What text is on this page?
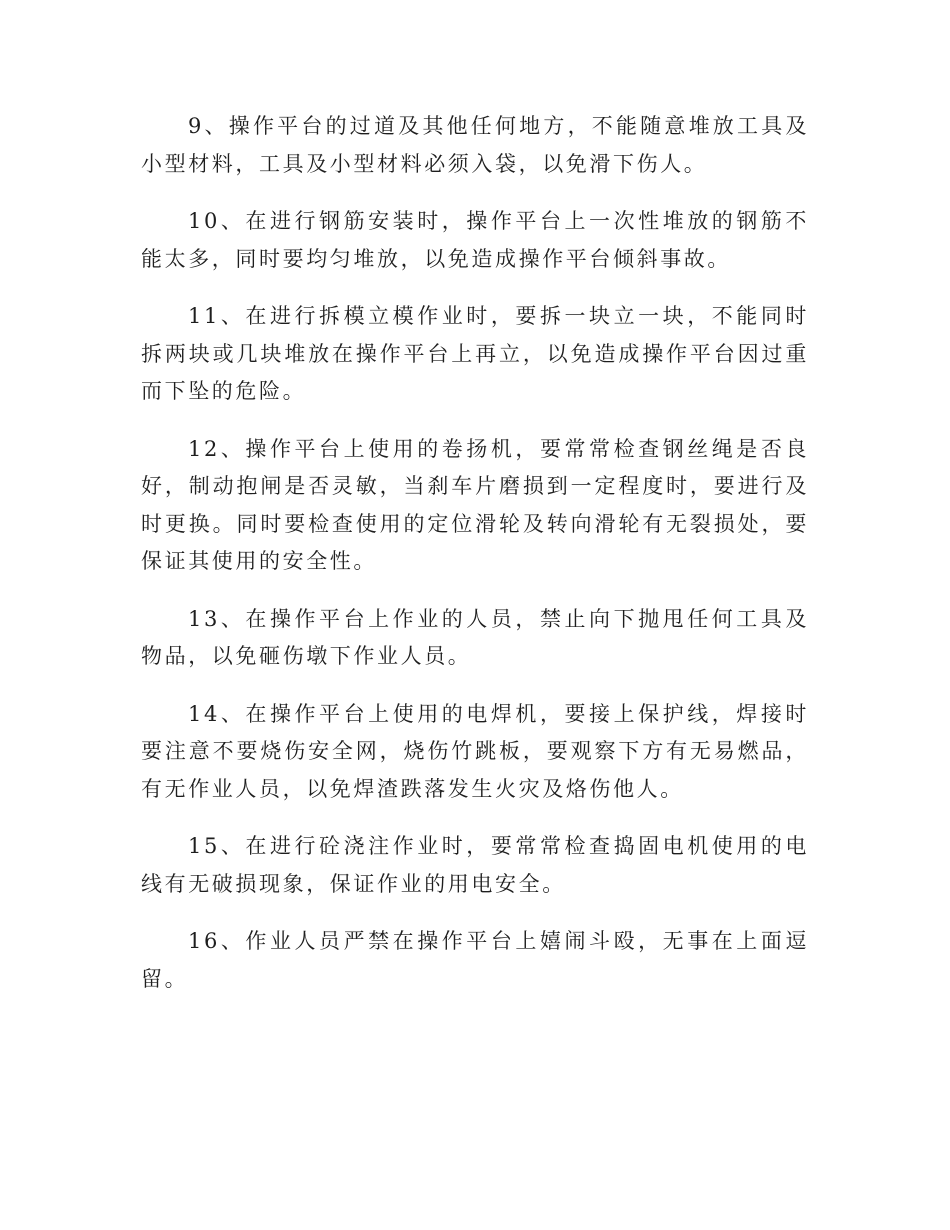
9、操作平台的过道及其他任何地方，不能随意堆放工具及小型材料，工具及小型材料必须入袋，以免滑下伤人。

10、在进行钢筋安装时，操作平台上一次性堆放的钢筋不能太多，同时要均匀堆放，以免造成操作平台倾斜事故。

11、在进行拆模立模作业时，要拆一块立一块，不能同时拆两块或几块堆放在操作平台上再立，以免造成操作平台因过重而下坠的危险。

12、操作平台上使用的卷扬机，要常常检查钢丝绳是否良好，制动抱闸是否灵敏，当刹车片磨损到一定程度时，要进行及时更换。同时要检查使用的定位滑轮及转向滑轮有无裂损处，要保证其使用的安全性。

13、在操作平台上作业的人员，禁止向下抛甩任何工具及物品，以免砸伤墩下作业人员。

14、在操作平台上使用的电焊机，要接上保护线，焊接时要注意不要烧伤安全网，烧伤竹跳板，要观察下方有无易燃品，有无作业人员，以免焊渣跌落发生火灾及烙伤他人。

15、在进行砼浇注作业时，要常常检查捣固电机使用的电线有无破损现象，保证作业的用电安全。

16、作业人员严禁在操作平台上嬉闹斗殴，无事在上面逗留。
